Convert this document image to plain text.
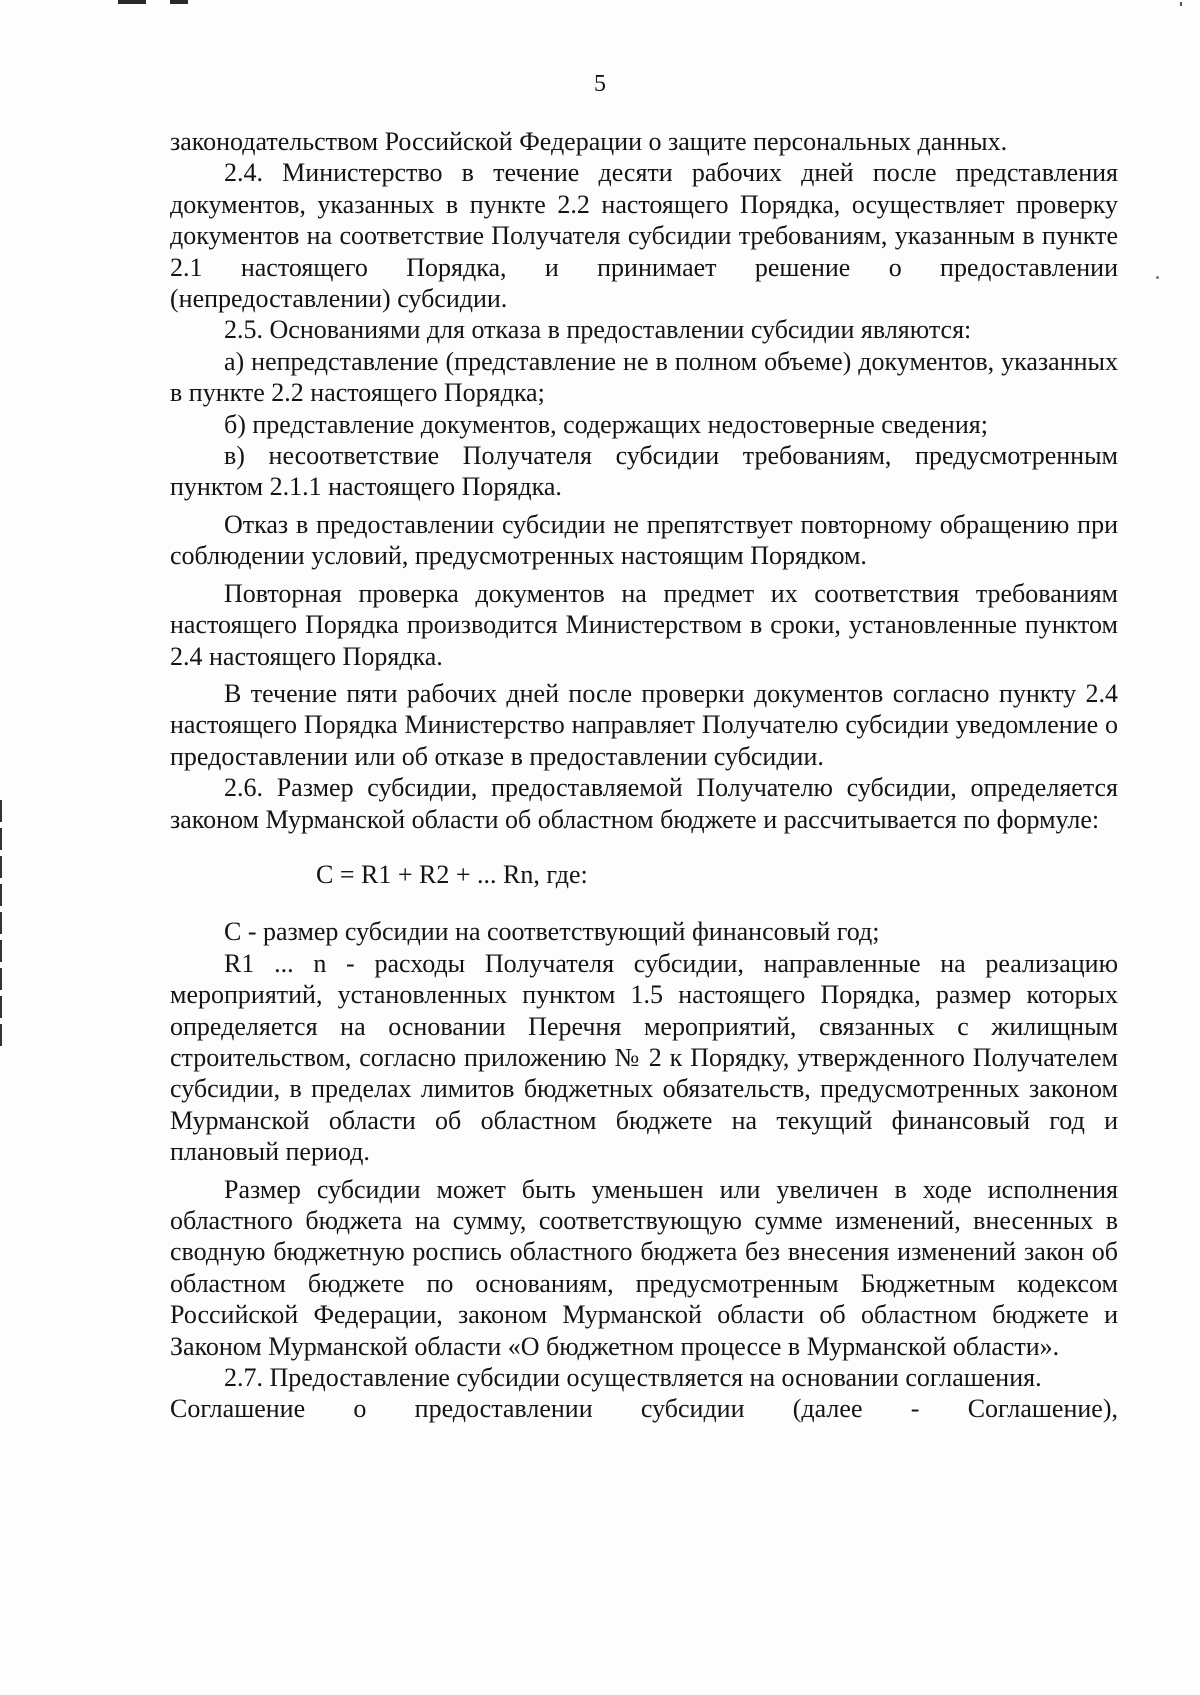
5

законодательством Российской Федерации о защите персональных данных.

2.4. Министерство в течение десяти рабочих дней после представления документов, указанных в пункте 2.2 настоящего Порядка, осуществляет проверку документов на соответствие Получателя субсидии требованиям, указанным в пункте 2.1 настоящего Порядка, и принимает решение о предоставлении (непредоставлении) субсидии.

2.5. Основаниями для отказа в предоставлении субсидии являются:

а) непредставление (представление не в полном объеме) документов, указанных в пункте 2.2 настоящего Порядка;

б) представление документов, содержащих недостоверные сведения;

в) несоответствие Получателя субсидии требованиям, предусмотренным пунктом 2.1.1 настоящего Порядка.

Отказ в предоставлении субсидии не препятствует повторному обращению при соблюдении условий, предусмотренных настоящим Порядком.

Повторная проверка документов на предмет их соответствия требованиям настоящего Порядка производится Министерством в сроки, установленные пунктом 2.4 настоящего Порядка.

В течение пяти рабочих дней после проверки документов согласно пункту 2.4 настоящего Порядка Министерство направляет Получателю субсидии уведомление о предоставлении или об отказе в предоставлении субсидии.

2.6. Размер субсидии, предоставляемой Получателю субсидии, определяется законом Мурманской области об областном бюджете и рассчитывается по формуле:

C = R1 + R2 + ... Rn, где:

C - размер субсидии на соответствующий финансовый год;

R1 ... n - расходы Получателя субсидии, направленные на реализацию мероприятий, установленных пунктом 1.5 настоящего Порядка, размер которых определяется на основании Перечня мероприятий, связанных с жилищным строительством, согласно приложению № 2 к Порядку, утвержденного Получателем субсидии, в пределах лимитов бюджетных обязательств, предусмотренных законом Мурманской области об областном бюджете на текущий финансовый год и плановый период.

Размер субсидии может быть уменьшен или увеличен в ходе исполнения областного бюджета на сумму, соответствующую сумме изменений, внесенных в сводную бюджетную роспись областного бюджета без внесения изменений закон об областном бюджете по основаниям, предусмотренным Бюджетным кодексом Российской Федерации, законом Мурманской области об областном бюджете и Законом Мурманской области «О бюджетном процессе в Мурманской области».

2.7. Предоставление субсидии осуществляется на основании соглашения.

Соглашение о предоставлении субсидии (далее - Соглашение),
